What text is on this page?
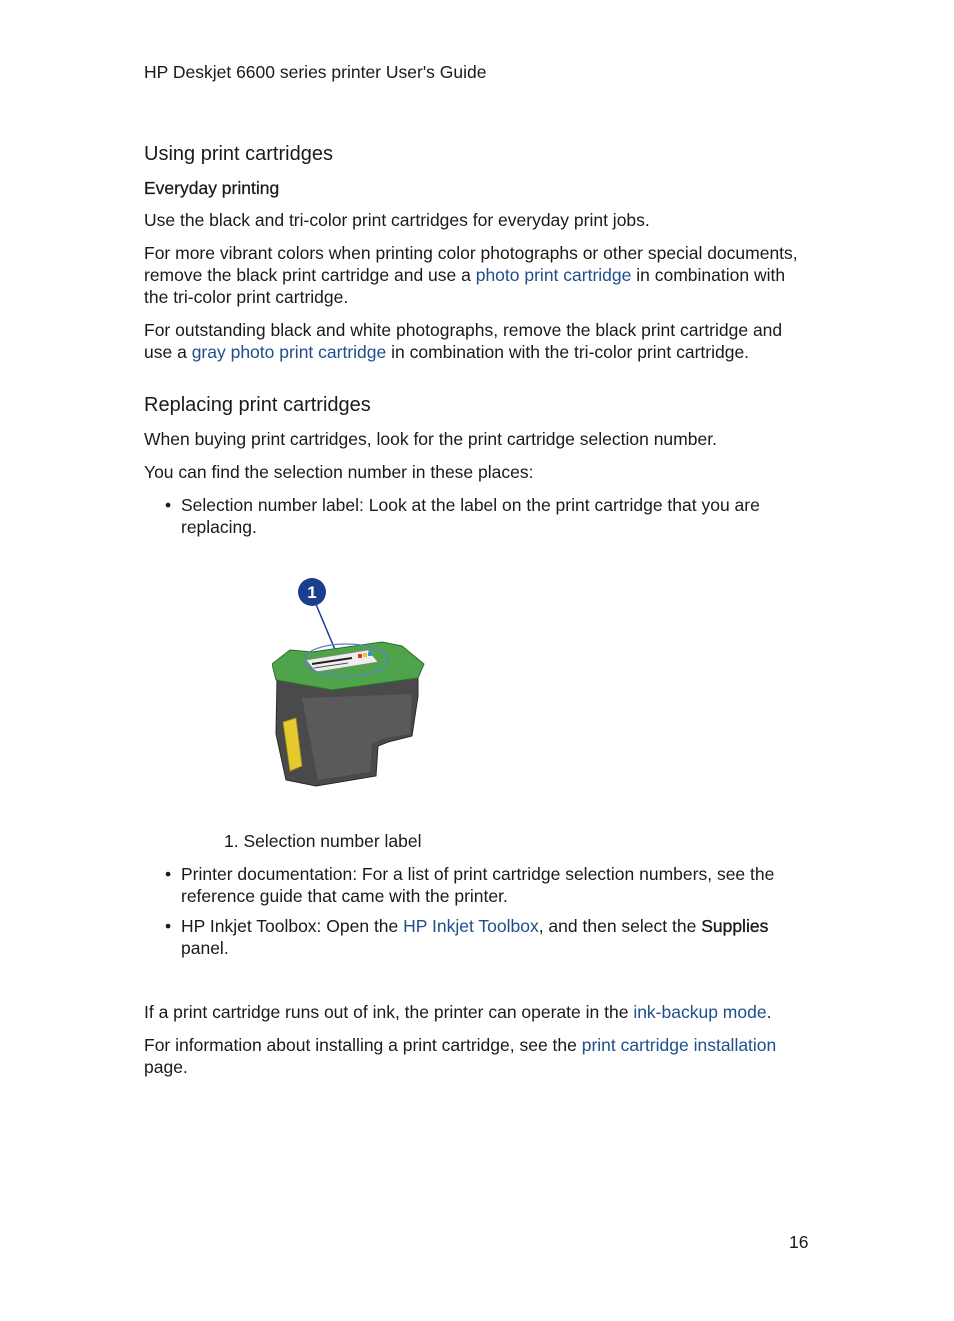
HP Deskjet 6600 series printer User's Guide
Using print cartridges
Everyday printing

Use the black and tri-color print cartridges for everyday print jobs.

For more vibrant colors when printing color photographs or other special documents, remove the black print cartridge and use a photo print cartridge in combination with the tri-color print cartridge.

For outstanding black and white photographs, remove the black print cartridge and use a gray photo print cartridge in combination with the tri-color print cartridge.

Replacing print cartridges

When buying print cartridges, look for the print cartridge selection number.

You can find the selection number in these places:

• Selection number label: Look at the label on the print cartridge that you are replacing.
1

1. Selection number label

• Printer documentation: For a list of print cartridge selection numbers, see the reference guide that came with the printer.
• HP Inkjet Toolbox: Open the HP Inkjet Toolbox, and then select the Supplies panel.

If a print cartridge runs out of ink, the printer can operate in the ink-backup mode.

For information about installing a print cartridge, see the print cartridge installation page.

16
